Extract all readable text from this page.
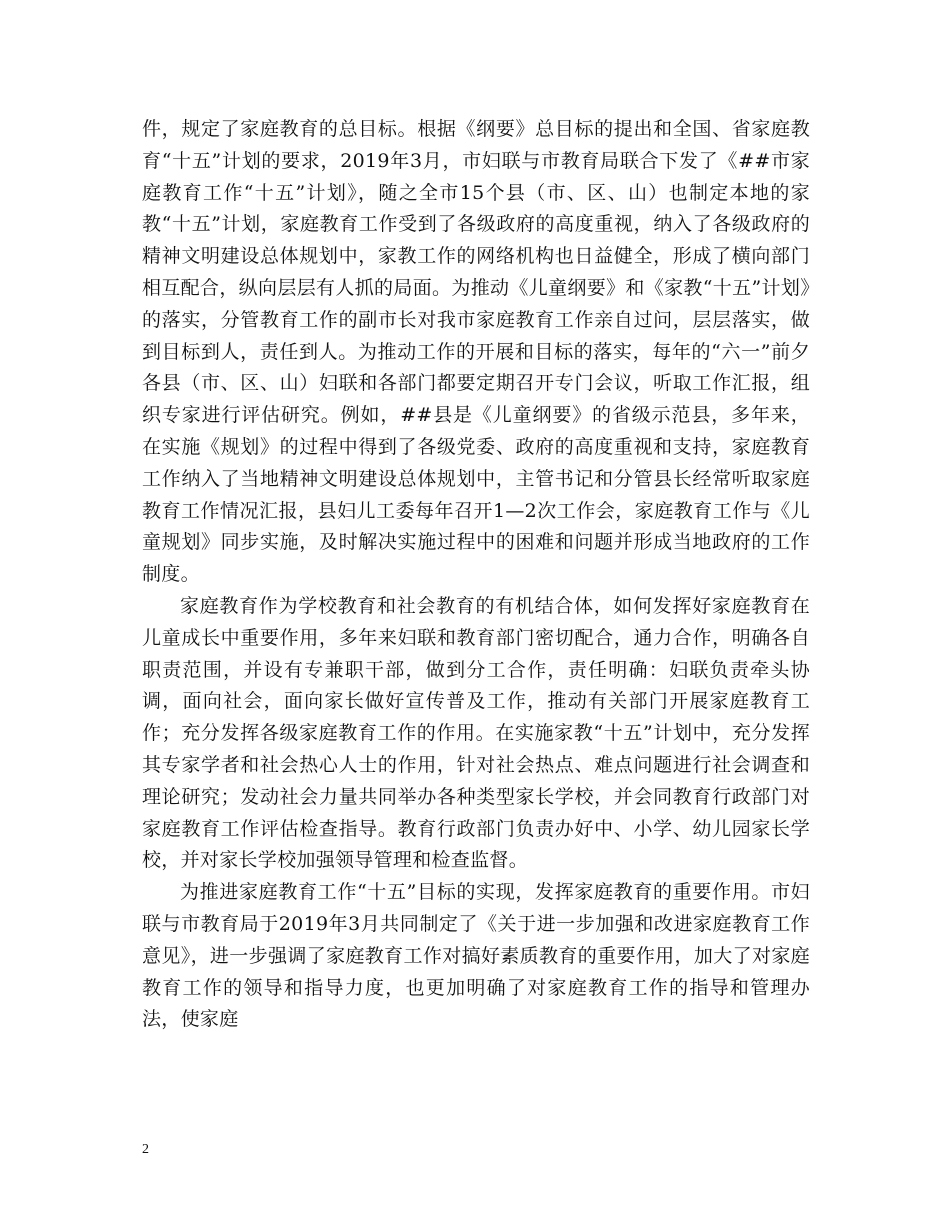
件，规定了家庭教育的总目标。根据《纲要》总目标的提出和全国、省家庭教育“十五”计划的要求，2019年3月，市妇联与市教育局联合下发了《##市家庭教育工作“十五”计划》，随之全市15个县（市、区、山）也制定本地的家教“十五”计划，家庭教育工作受到了各级政府的高度重视，纳入了各级政府的精神文明建设总体规划中，家教工作的网络机构也日益健全，形成了横向部门相互配合，纵向层层有人抓的局面。为推动《儿童纲要》和《家教“十五”计划》的落实，分管教育工作的副市长对我市家庭教育工作亲自过问，层层落实，做到目标到人，责任到人。为推动工作的开展和目标的落实，每年的“六一”前夕各县（市、区、山）妇联和各部门都要定期召开专门会议，听取工作汇报，组织专家进行评估研究。例如，##县是《儿童纲要》的省级示范县，多年来，在实施《规划》的过程中得到了各级党委、政府的高度重视和支持，家庭教育工作纳入了当地精神文明建设总体规划中，主管书记和分管县长经常听取家庭教育工作情况汇报，县妇儿工委每年召开1—2次工作会，家庭教育工作与《儿童规划》同步实施，及时解决实施过程中的困难和问题并形成当地政府的工作制度。

家庭教育作为学校教育和社会教育的有机结合体，如何发挥好家庭教育在儿童成长中重要作用，多年来妇联和教育部门密切配合，通力合作，明确各自职责范围，并设有专兼职干部，做到分工合作，责任明确：妇联负责牵头协调，面向社会，面向家长做好宣传普及工作，推动有关部门开展家庭教育工作；充分发挥各级家庭教育工作的作用。在实施家教“十五”计划中，充分发挥其专家学者和社会热心人士的作用，针对社会热点、难点问题进行社会调查和理论研究；发动社会力量共同举办各种类型家长学校，并会同教育行政部门对家庭教育工作评估检查指导。教育行政部门负责办好中、小学、幼儿园家长学校，并对家长学校加强领导管理和检查监督。

为推进家庭教育工作“十五”目标的实现，发挥家庭教育的重要作用。市妇联与市教育局于2019年3月共同制定了《关于进一步加强和改进家庭教育工作意见》，进一步强调了家庭教育工作对搞好素质教育的重要作用，加大了对家庭教育工作的领导和指导力度，也更加明确了对家庭教育工作的指导和管理办法，使家庭

2
